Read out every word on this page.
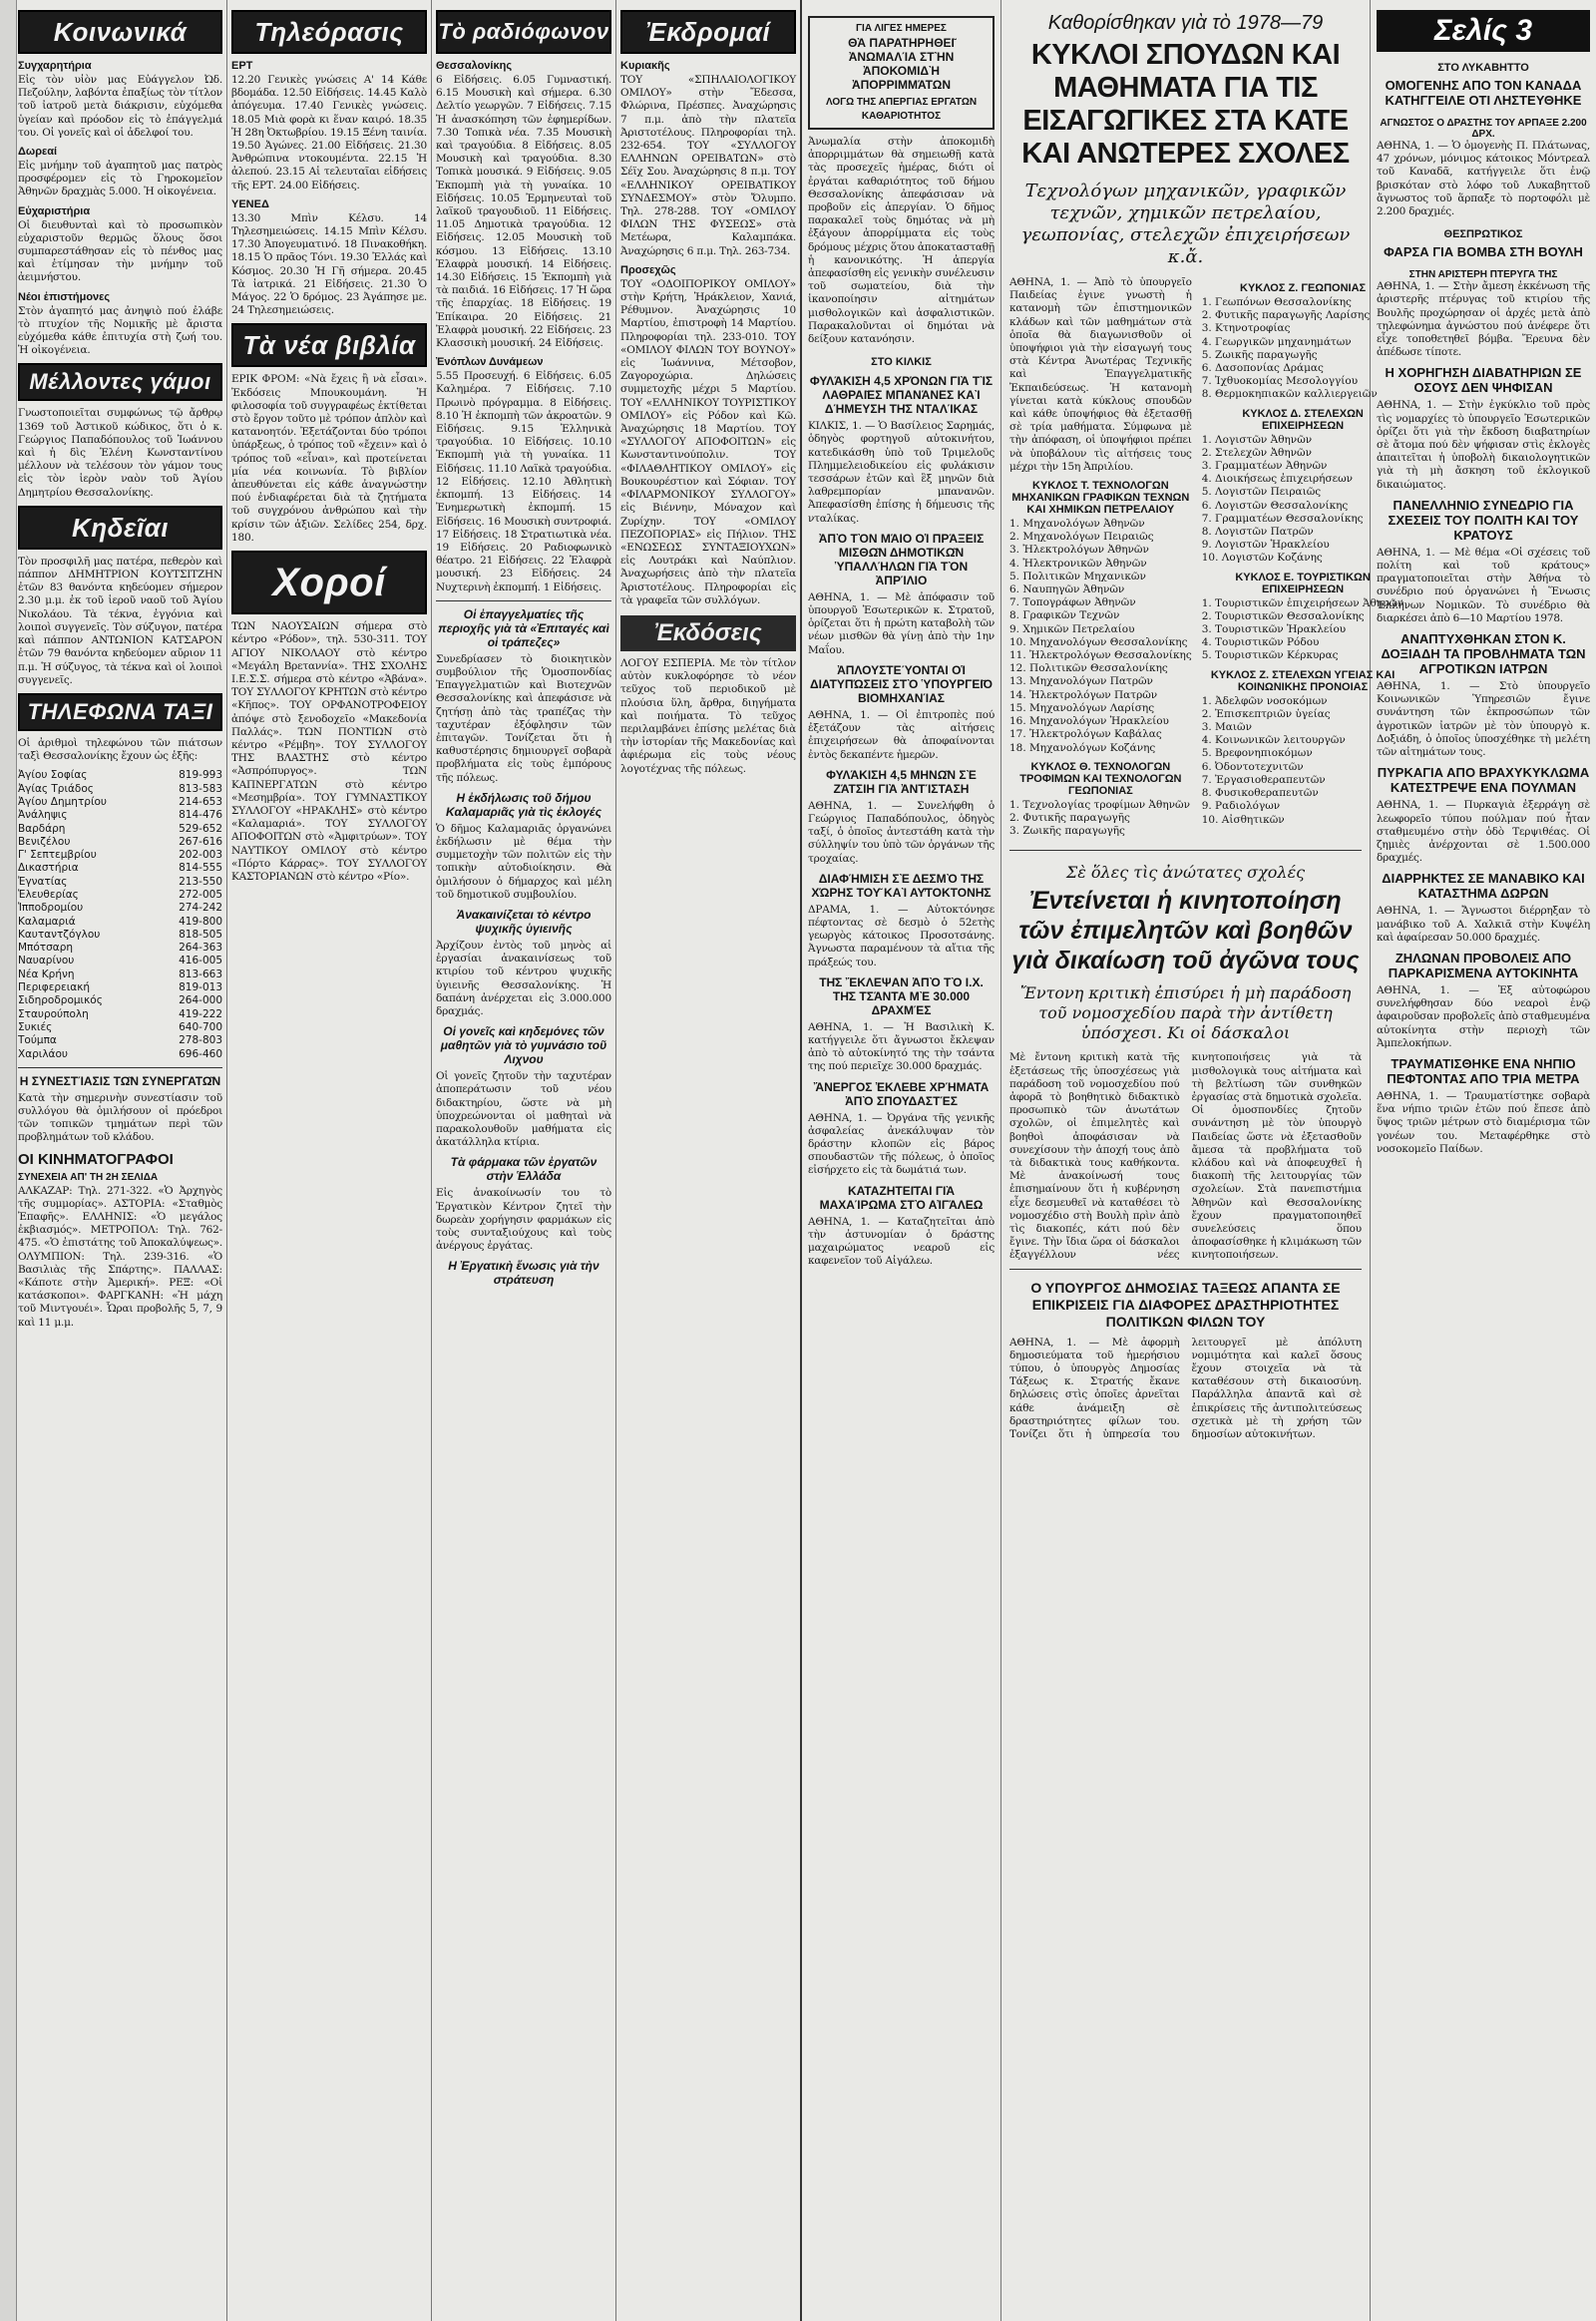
Κοινωνικά
Συγχαρητήρια

Εἰς τὸν υἱὸν μας Εὐάγγελον Ὠδ. Πεζούλην, λαβόντα ἐπαξίως τὸν τίτλον τοῦ ἰατροῦ μετὰ διάκρισιν, εὐχόμεθα ὑγείαν καὶ πρόοδον εἰς τὸ ἐπάγγελμά του. Οἱ γονεῖς καὶ οἱ ἀδελφοί του.

Δωρεαί

Εἰς μνήμην τοῦ ἀγαπητοῦ μας πατρὸς προσφέρομεν εἰς τὸ Γηροκομεῖον Ἀθηνῶν δραχμὰς 5.000. Ἡ οἰκογένεια.

Εὐχαριστήρια

Οἱ διευθυνταὶ καὶ τὸ προσωπικὸν εὐχαριστοῦν θερμῶς ὅλους ὅσοι συμπαρεστάθησαν εἰς τὸ πένθος μας καὶ ἐτίμησαν τὴν μνήμην τοῦ ἀειμνήστου.

Νέοι ἐπιστήμονες

Στὸν ἀγαπητό μας ἀνηψιὸ πού ἐλάβε τὸ πτυχίον τῆς Νομικῆς μὲ ἄριστα εὐχόμεθα κάθε ἐπιτυχία στὴ ζωή του. Ἡ οἰκογένεια.

Μέλλοντες γάμοι

Γνωστοποιεῖται συμφώνως τῷ ἄρθρῳ 1369 τοῦ Ἀστικοῦ κώδικος, ὅτι ὁ κ. Γεώργιος Παπαδόπουλος τοῦ Ἰωάννου καὶ ἡ δὶς Ἑλένη Κωνσταντίνου μέλλουν νὰ τελέσουν τὸν γάμον τους εἰς τὸν ἱερὸν ναὸν τοῦ Ἁγίου Δημητρίου Θεσσαλονίκης.

Κηδεῖαι

Τὸν προσφιλῆ μας πατέρα, πεθερὸν καὶ πάππον ΔΗΜΗΤΡΙΟΝ ΚΟΥΤΣΙΤΖΗΝ ἐτῶν 83 θανόντα κηδεύομεν σήμερον 2.30 μ.μ. ἐκ τοῦ ἱεροῦ ναοῦ τοῦ Ἁγίου Νικολάου. Τὰ τέκνα, ἐγγόνια καὶ λοιποὶ συγγενεῖς. Τὸν σύζυγον, πατέρα καὶ πάππον ΑΝΤΩΝΙΟΝ ΚΑΤΣΑΡΟΝ ἐτῶν 79 θανόντα κηδεύομεν αὔριον 11 π.μ. Ἡ σύζυγος, τὰ τέκνα καὶ οἱ λοιποὶ συγγενεῖς.

ΤΗΛΕΦΩΝΑ ΤΑΞΙ

Οἱ ἀριθμοὶ τηλεφώνου τῶν πιάτσων ταξὶ Θεσσαλονίκης ἔχουν ὡς ἑξῆς:

Ἀγίου Σοφίας	819-993
Ἀγίας Τριάδος	813-583
Ἀγίου Δημητρίου	214-653
Ἀνάληψις	814-476
Βαρδάρη	529-652
Βενιζέλου	267-616
Γ' Σεπτεμβρίου	202-003
Δικαστήρια	814-555
Ἐγνατίας	213-550
Ἑλευθερίας	272-005
Ἱπποδρομίου	274-242
Καλαμαριά	419-800
Καυταντζόγλου	818-505
Μπότσαρη	264-363
Ναυαρίνου	416-005
Νέα Κρήνη	813-663
Περιφερειακή	819-013
Σιδηροδρομικός	264-000
Σταυρούπολη	419-222
Συκιές	640-700
Τούμπα	278-803
Χαριλάου	696-460
Η ΣΥΝΕΣΤΊΑΣΙΣ ΤΩ͂Ν ΣΥΝΕΡΓΑΤΩ͂Ν

Κατὰ τὴν σημερινὴν συνεστίασιν τοῦ συλλόγου θὰ ὁμιλήσουν οἱ πρόεδροι τῶν τοπικῶν τμημάτων περὶ τῶν προβλημάτων τοῦ κλάδου.

ΟΙ ΚΙΝΗΜΑΤΟΓΡΑΦΟΙ
ΣΥΝΕΧΕΙΑ ΑΠ' ΤΗ 2Η ΣΕΛΙΔΑ

ΑΛΚΑΖΑΡ: Τηλ. 271-322. «Ὁ Ἀρχηγὸς τῆς συμμορίας». ΑΣΤΟΡΙΑ: «Σταθμὸς Ἐπαφῆς». ΕΛΛΗΝΙΣ: «Ὁ μεγάλος ἐκβιασμός». ΜΕΤΡΟΠΟΛ: Τηλ. 762-475. «Ὁ ἐπιστάτης τοῦ Ἀποκαλύψεως». ΟΛΥΜΠΙΟΝ: Τηλ. 239-316. «Ὁ Βασιλιὰς τῆς Σπάρτης». ΠΑΛΛΑΣ: «Κάποτε στὴν Ἀμερική». ΡΕΞ: «Οἱ κατάσκοποι». ΦΑΡΓΚΑΝΗ: «Ἡ μάχη τοῦ Μιντγουέι». Ὧραι προβολῆς 5, 7, 9 καὶ 11 μ.μ.

Τηλεόρασις
ΕΡΤ

12.20 Γενικὲς γνώσεις Α' 14 Κάθε βδομάδα. 12.50 Εἰδήσεις. 14.45 Καλὸ ἀπόγευμα. 17.40 Γενικὲς γνώσεις. 18.05 Μιὰ φορὰ κι ἕναν καιρό. 18.35 Ἡ 28η Ὀκτωβρίου. 19.15 Ξένη ταινία. 19.50 Ἀγώνες. 21.00 Εἰδήσεις. 21.30 Ἀνθρώπινα ντοκουμέντα. 22.15 Ἡ ἀλεπού. 23.15 Αἱ τελευταῖαι εἰδήσεις τῆς ΕΡΤ. 24.00 Εἰδήσεις.

ΥΕΝΕΔ

13.30 Μπὶν Κέλσυ. 14 Τηλεσημειώσεις. 14.15 Μπὶν Κέλσυ. 17.30 Ἀπογευματινό. 18 Πινακοθήκη. 18.15 Ὁ πρᾶος Τόνι. 19.30 Ἐλλάς καὶ Κόσμος. 20.30 Ἡ Γῆ σήμερα. 20.45 Τὰ ἰατρικά. 21 Εἰδήσεις. 21.30 Ὁ Μάγος. 22 Ὁ δρόμος. 23 Ἀγάπησε με. 24 Τηλεσημειώσεις.

Τὰ νέα βιβλία

ΕΡΙΚ ΦΡΟΜ: «Νὰ ἔχεις ἢ νὰ εἶσαι». Ἐκδόσεις Μπουκουμάνη. Ἡ φιλοσοφία τοῦ συγγραφέως ἐκτίθεται στὸ ἔργον τοῦτο μὲ τρόπον ἀπλὸν καὶ κατανοητόν. Ἐξετάζονται δύο τρόποι ὑπάρξεως, ὁ τρόπος τοῦ «ἔχειν» καὶ ὁ τρόπος τοῦ «εἶναι», καὶ προτείνεται μία νέα κοινωνία. Τὸ βιβλίον ἀπευθύνεται εἰς κάθε ἀναγνώστην πού ἐνδιαφέρεται διὰ τὰ ζητήματα τοῦ συγχρόνου ἀνθρώπου καὶ τὴν κρίσιν τῶν ἀξιῶν. Σελίδες 254, δρχ. 180.

Χοροί

ΤΩΝ ΝΑΟΥΣΑΙΩΝ σήμερα στὸ κέντρο «Ρόδον», τηλ. 530-311. ΤΟΥ ΑΓΙΟΥ ΝΙΚΟΛΑΟΥ στὸ κέντρο «Μεγάλη Βρεταννία». ΤΗΣ ΣΧΟΛΗΣ Ι.Ε.Σ.Σ. σήμερα στὸ κέντρο «Ἁβάνα». ΤΟΥ ΣΥΛΛΟΓΟΥ ΚΡΗΤΩΝ στὸ κέντρο «Κῆπος». ΤΟΥ ΟΡΦΑΝΟΤΡΟΦΕΙΟΥ ἀπόψε στὸ ξενοδοχεῖο «Μακεδονία Παλλάς». ΤΩΝ ΠΟΝΤΙΩΝ στὸ κέντρο «Ρέμβη». ΤΟΥ ΣΥΛΛΟΓΟΥ ΤΗΣ ΒΛΑΣΤΗΣ στὸ κέντρο «Ἀσπρόπυργος». ΤΩΝ ΚΑΠΝΕΡΓΑΤΩΝ στὸ κέντρο «Μεσημβρία». ΤΟΥ ΓΥΜΝΑΣΤΙΚΟΥ ΣΥΛΛΟΓΟΥ «ΗΡΑΚΛΗΣ» στὸ κέντρο «Καλαμαριά». ΤΟΥ ΣΥΛΛΟΓΟΥ ΑΠΟΦΟΙΤΩΝ στὸ «Ἀμφιτρύων». ΤΟΥ ΝΑΥΤΙΚΟΥ ΟΜΙΛΟΥ στὸ κέντρο «Πόρτο Κάρρας». ΤΟΥ ΣΥΛΛΟΓΟΥ ΚΑΣΤΟΡΙΑΝΩΝ στὸ κέντρο «Ρίο».

Τὸ ραδιόφωνον
Θεσσαλονίκης

6 Εἰδήσεις. 6.05 Γυμναστική. 6.15 Μουσικὴ καὶ σήμερα. 6.30 Δελτίο γεωργῶν. 7 Εἰδήσεις. 7.15 Ἡ ἀνασκόπηση τῶν ἐφημερίδων. 7.30 Τοπικὰ νέα. 7.35 Μουσικὴ καὶ τραγούδια. 8 Εἰδήσεις. 8.05 Μουσικὴ καὶ τραγούδια. 8.30 Τοπικὰ μουσικά. 9 Εἰδήσεις. 9.05 Ἐκπομπὴ γιὰ τὴ γυναίκα. 10 Εἰδήσεις. 10.05 Ἐρμηνευταὶ τοῦ λαϊκοῦ τραγουδιοῦ. 11 Εἰδήσεις. 11.05 Δημοτικὰ τραγούδια. 12 Εἰδήσεις. 12.05 Μουσικὴ τοῦ κόσμου. 13 Εἰδήσεις. 13.10 Ἐλαφρὰ μουσική. 14 Εἰδήσεις. 14.30 Εἰδήσεις. 15 Ἐκπομπὴ γιὰ τὰ παιδιά. 16 Εἰδήσεις. 17 Ἡ ὥρα τῆς ἐπαρχίας. 18 Εἰδήσεις. 19 Ἐπίκαιρα. 20 Εἰδήσεις. 21 Ἐλαφρὰ μουσική. 22 Εἰδήσεις. 23 Κλασσικὴ μουσική. 24 Εἰδήσεις.

Ἐνόπλων Δυνάμεων

5.55 Προσευχή. 6 Εἰδήσεις. 6.05 Καλημέρα. 7 Εἰδήσεις. 7.10 Πρωινὸ πρόγραμμα. 8 Εἰδήσεις. 8.10 Ἡ ἐκπομπὴ τῶν ἀκροατῶν. 9 Εἰδήσεις. 9.15 Ἐλληνικὰ τραγούδια. 10 Εἰδήσεις. 10.10 Ἐκπομπὴ γιὰ τὴ γυναίκα. 11 Εἰδήσεις. 11.10 Λαϊκὰ τραγούδια. 12 Εἰδήσεις. 12.10 Ἀθλητικὴ ἐκπομπή. 13 Εἰδήσεις. 14 Ἐνημερωτικὴ ἐκπομπή. 15 Εἰδήσεις. 16 Μουσικὴ συντροφιά. 17 Εἰδήσεις. 18 Στρατιωτικὰ νέα. 19 Εἰδήσεις. 20 Ραδιοφωνικὸ θέατρο. 21 Εἰδήσεις. 22 Ἐλαφρὰ μουσική. 23 Εἰδήσεις. 24 Νυχτερινὴ ἐκπομπή. 1 Εἰδήσεις.

Οἱ ἐπαγγελματίες τῆς περιοχῆς γιὰ τὰ «Ἐπιταγές καὶ οἱ τράπεζες»

Συνεδρίασεν τὸ διοικητικὸν συμβούλιον τῆς Ὁμοσπονδίας Ἐπαγγελματιῶν καὶ Βιοτεχνῶν Θεσσαλονίκης καὶ ἀπεφάσισε νὰ ζητήσῃ ἀπὸ τὰς τραπέζας τὴν ταχυτέραν ἐξόφλησιν τῶν ἐπιταγῶν. Τονίζεται ὅτι ἡ καθυστέρησις δημιουργεῖ σοβαρὰ προβλήματα εἰς τοὺς ἐμπόρους τῆς πόλεως.

Η ἐκδήλωσις τοῦ δήμου Καλαμαριᾶς γιὰ τὶς ἐκλογές

Ὁ δῆμος Καλαμαριᾶς ὀργανώνει ἐκδήλωσιν μὲ θέμα τὴν συμμετοχὴν τῶν πολιτῶν εἰς τὴν τοπικὴν αὐτοδιοίκησιν. Θὰ ὁμιλήσουν ὁ δήμαρχος καὶ μέλη τοῦ δημοτικοῦ συμβουλίου.

Ἀνακαινίζεται τὸ κέντρο ψυχικῆς ὑγιεινῆς

Ἀρχίζουν ἐντὸς τοῦ μηνὸς αἱ ἐργασίαι ἀνακαινίσεως τοῦ κτιρίου τοῦ κέντρου ψυχικῆς ὑγιεινῆς Θεσσαλονίκης. Ἡ δαπάνη ἀνέρχεται εἰς 3.000.000 δραχμάς.

Οἱ γονεῖς καὶ κηδεμόνες τῶν μαθητῶν γιὰ τὸ γυμνάσιο τοῦ Λιχνου

Οἱ γονεῖς ζητοῦν τὴν ταχυτέραν ἀποπεράτωσιν τοῦ νέου διδακτηρίου, ὥστε νὰ μὴ ὑποχρεώνονται οἱ μαθηταὶ νὰ παρακολουθοῦν μαθήματα εἰς ἀκατάλληλα κτίρια.

Τὰ φάρμακα τῶν ἐργατῶν στὴν Ἑλλάδα

Εἰς ἀνακοίνωσίν του τὸ Ἐργατικὸν Κέντρον ζητεῖ τὴν δωρεὰν χορήγησιν φαρμάκων εἰς τοὺς συνταξιούχους καὶ τοὺς ἀνέργους ἐργάτας.

Η Ἐργατικὴ ἕνωσις γιὰ τὴν στράτευση
Ἐκδρομαί
Κυριακῆς

ΤΟΥ «ΣΠΗΛΑΙΟΛΟΓΙΚΟΥ ΟΜΙΛΟΥ» στὴν Ἔδεσσα, Φλώρινα, Πρέσπες. Ἀναχώρησις 7 π.μ. ἀπὸ τὴν πλατεῖα Ἀριστοτέλους. Πληροφορίαι τηλ. 232-654. ΤΟΥ «ΣΥΛΛΟΓΟΥ ΕΛΛΗΝΩΝ ΟΡΕΙΒΑΤΩΝ» στὸ Σέϊχ Σου. Ἀναχώρησις 8 π.μ. ΤΟΥ «ΕΛΛΗΝΙΚΟΥ ΟΡΕΙΒΑΤΙΚΟΥ ΣΥΝΔΕΣΜΟΥ» στὸν Ὄλυμπο. Τηλ. 278-288. ΤΟΥ «ΟΜΙΛΟΥ ΦΙΛΩΝ ΤΗΣ ΦΥΣΕΩΣ» στὰ Μετέωρα, Καλαμπάκα. Ἀναχώρησις 6 π.μ. Τηλ. 263-734.

Προσεχῶς

ΤΟΥ «ΟΔΟΙΠΟΡΙΚΟΥ ΟΜΙΛΟΥ» στὴν Κρήτη, Ἡράκλειον, Χανιά, Ρέθυμνον. Ἀναχώρησις 10 Μαρτίου, ἐπιστροφὴ 14 Μαρτίου. Πληροφορίαι τηλ. 233-010. ΤΟΥ «ΟΜΙΛΟΥ ΦΙΛΩΝ ΤΟΥ ΒΟΥΝΟΥ» εἰς Ἰωάννινα, Μέτσοβον, Ζαγοροχώρια. Δηλώσεις συμμετοχῆς μέχρι 5 Μαρτίου. ΤΟΥ «ΕΛΛΗΝΙΚΟΥ ΤΟΥΡΙΣΤΙΚΟΥ ΟΜΙΛΟΥ» εἰς Ρόδον καὶ Κῶ. Ἀναχώρησις 18 Μαρτίου. ΤΟΥ «ΣΥΛΛΟΓΟΥ ΑΠΟΦΟΙΤΩΝ» εἰς Κωνσταντινούπολιν. ΤΟΥ «ΦΙΛΑΘΛΗΤΙΚΟΥ ΟΜΙΛΟΥ» εἰς Βουκουρέστιον καὶ Σόφιαν. ΤΟΥ «ΦΙΛΑΡΜΟΝΙΚΟΥ ΣΥΛΛΟΓΟΥ» εἰς Βιέννην, Μόναχον καὶ Ζυρίχην. ΤΟΥ «ΟΜΙΛΟΥ ΠΕΖΟΠΟΡΙΑΣ» εἰς Πήλιον. ΤΗΣ «ΕΝΩΣΕΩΣ ΣΥΝΤΑΞΙΟΥΧΩΝ» εἰς Λουτράκι καὶ Ναύπλιον. Ἀναχωρήσεις ἀπὸ τὴν πλατεῖα Ἀριστοτέλους. Πληροφορίαι εἰς τὰ γραφεῖα τῶν συλλόγων.

Ἐκδόσεις

ΛΟΓΟΥ ΕΣΠΕΡΙΑ. Με τὸν τίτλον αὐτὸν κυκλοφόρησε τὸ νέον τεῦχος τοῦ περιοδικοῦ μὲ πλούσια ὕλη, ἄρθρα, διηγήματα καὶ ποιήματα. Τὸ τεῦχος περιλαμβάνει ἐπίσης μελέτας διὰ τὴν ἱστορίαν τῆς Μακεδονίας καὶ ἀφιέρωμα εἰς τοὺς νέους λογοτέχνας τῆς πόλεως.

ΓΙΑ ΛΙΓΕΣ ΗΜΕΡΕΣ
ΘᾺ ΠΑΡΑΤΗΡΗΘΕΙ͂ ἈΝΩΜΑΛΊΑ ΣΤῊΝ ἈΠΟΚΟΜΙΔῊ ἈΠΟΡΡΙΜΜΆΤΩΝ
ΛΟΓΩ ΤΗΣ ΑΠΕΡΓΙΑΣ ΕΡΓΑΤΩΝ ΚΑΘΑΡΙΟΤΗΤΟΣ

Ἀνωμαλία στὴν ἀποκομιδὴ ἀπορριμμάτων θὰ σημειωθῇ κατὰ τὰς προσεχεῖς ἡμέρας, διότι οἱ ἐργάται καθαριότητος τοῦ δήμου Θεσσαλονίκης ἀπεφάσισαν νὰ προβοῦν εἰς ἀπεργίαν. Ὁ δῆμος παρακαλεῖ τοὺς δημότας νὰ μὴ ἐξάγουν ἀπορρίμματα εἰς τοὺς δρόμους μέχρις ὅτου ἀποκατασταθῇ ἡ κανονικότης. Ἡ ἀπεργία ἀπεφασίσθη εἰς γενικὴν συνέλευσιν τοῦ σωματείου, διὰ τὴν ἱκανοποίησιν αἰτημάτων μισθολογικῶν καὶ ἀσφαλιστικῶν. Παρακαλοῦνται οἱ δημόται νὰ δείξουν κατανόησιν.

ΣΤΟ ΚΙΛΚΙΣ
ΦΥΛΆΚΙΣΗ 4,5 ΧΡΌΝΩΝ ΓΙᾺ ΤῚΣ ΛΑΘΡΑΙ͂ΕΣ ΜΠΑΝΆΝΕΣ ΚΑῚ ΔΉΜΕΥΣΗ ΤΗ͂Σ ΝΤΑΛΊΚΑΣ

ΚΙΛΚΙΣ, 1. — Ὁ Βασίλειος Σαρημάς, ὁδηγὸς φορτηγοῦ αὐτοκινήτου, κατεδικάσθη ὑπὸ τοῦ Τριμελοῦς Πλημμελειοδικείου εἰς φυλάκισιν τεσσάρων ἐτῶν καὶ ἓξ μηνῶν διὰ λαθρεμπορίαν μπανανῶν. Ἀπεφασίσθη ἐπίσης ἡ δήμευσις τῆς νταλίκας.

ἈΠῸ ΤῸΝ ΜΆΙΟ ΟἹ ΠΡΆΞΕΙΣ ΜΙΣΘΩ͂Ν ΔΗΜΟΤΙΚΩ͂Ν ὙΠΑΛΛΉΛΩΝ ΓΙᾺ ΤῸΝ ἈΠΡΊΛΙΟ

ΑΘΗΝΑ, 1. — Μὲ ἀπόφασιν τοῦ ὑπουργοῦ Ἐσωτερικῶν κ. Στρατοῦ, ὁρίζεται ὅτι ἡ πρώτη καταβολὴ τῶν νέων μισθῶν θὰ γίνῃ ἀπὸ τὴν 1ην Μαΐου.

ἈΠΛΟΥΣΤΕΎΟΝΤΑΙ ΟἹ ΔΙΑΤΥΠΏΣΕΙΣ ΣΤῸ ὙΠΟΥΡΓΕΙ͂Ο ΒΙΟΜΗΧΑΝΊΑΣ

ΑΘΗΝΑ, 1. — Οἱ ἐπιτροπὲς πού ἐξετάζουν τὰς αἰτήσεις ἐπιχειρήσεων θὰ ἀποφαίνονται ἐντὸς δεκαπέντε ἡμερῶν.

ΦΥΛΆΚΙΣΗ 4,5 ΜΗΝΩ͂Ν ΣῈ ΖΆΤΣΙΗ ΓΙᾺ ἈΝΤΊΣΤΑΣΗ

ΑΘΗΝΑ, 1. — Συνελήφθη ὁ Γεώργιος Παπαδόπουλος, ὁδηγὸς ταξί, ὁ ὁποῖος ἀντεστάθη κατὰ τὴν σύλληψίν του ὑπὸ τῶν ὀργάνων τῆς τροχαίας.

ΔΙΑΦΉΜΙΣΗ ΣῈ ΔΕΣΜῸ ΤΗ͂Σ ΧΏΡΗΣ ΤΟΥ͂ ΚΑῚ ΑΥ̓ΤΟΚΤΟΝΗ͂Σ

ΔΡΑΜΑ, 1. — Αὐτοκτόνησε πέφτοντας σὲ δεσμὸ ὁ 52ετὴς γεωργὸς κάτοικος Προσοτσάνης. Ἀγνωστα παραμένουν τὰ αἴτια τῆς πράξεώς του.

ΤΗ͂Σ ἜΚΛΕΨΑΝ ἈΠῸ ΤῸ Ι.Χ. ΤΗ͂Σ ΤΣΆΝΤΑ ΜῈ 30.000 ΔΡΑΧΜΈΣ

ΑΘΗΝΑ, 1. — Ἡ Βασιλικὴ Κ. κατήγγειλε ὅτι ἄγνωστοι ἔκλεψαν ἀπὸ τὸ αὐτοκίνητό της τὴν τσάντα της πού περιεῖχε 30.000 δραχμάς.

ἌΝΕΡΓΟΣ ἘΚΛΕΒΕ ΧΡΉΜΑΤΑ ἈΠῸ ΣΠΟΥΔΑΣΤΈΣ

ΑΘΗΝΑ, 1. — Ὀργάνα τῆς γενικῆς ἀσφαλείας ἀνεκάλυψαν τὸν δράστην κλοπῶν εἰς βάρος σπουδαστῶν τῆς πόλεως, ὁ ὁποῖος εἰσήρχετο εἰς τὰ δωμάτιά των.

ΚΑΤΑΖΗΤΕΙ͂ΤΑΙ ΓΙᾺ ΜΑΧΑΊΡΩΜΑ ΣΤῸ ΑἸΓΆΛΕΩ

ΑΘΗΝΑ, 1. — Καταζητεῖται ἀπὸ τὴν ἀστυνομίαν ὁ δράστης μαχαιρώματος νεαροῦ εἰς καφενεῖον τοῦ Αἰγάλεω.

Καθορίσθηκαν γιὰ τὸ 1978—79
ΚΥΚΛΟΙ ΣΠΟΥΔΩΝ ΚΑΙ ΜΑΘΗΜΑΤΑ ΓΙΑ ΤΙΣ ΕΙΣΑΓΩΓΙΚΕΣ ΣΤΑ ΚΑΤΕ ΚΑΙ ΑΝΩΤΕΡΕΣ ΣΧΟΛΕΣ
Τεχνολόγων μηχανικῶν, γραφικῶν τεχνῶν, χημικῶν πετρελαίου, γεωπονίας, στελεχῶν ἐπιχειρήσεων κ.ἄ.

ΑΘΗΝΑ, 1. — Ἀπὸ τὸ ὑπουργεῖο Παιδείας ἐγινε γνωστὴ ἡ κατανομὴ τῶν ἐπιστημονικῶν κλάδων καὶ τῶν μαθημάτων στὰ ὁποῖα θὰ διαγωνισθοῦν οἱ ὑποψήφιοι γιὰ τὴν εἰσαγωγή τους στὰ Κέντρα Ἀνωτέρας Τεχνικῆς καὶ Ἐπαγγελματικῆς Ἐκπαιδεύσεως. Ἡ κατανομὴ γίνεται κατὰ κύκλους σπουδῶν καὶ κάθε ὑποψήφιος θὰ ἐξετασθῇ σὲ τρία μαθήματα. Σύμφωνα μὲ τὴν ἀπόφαση, οἱ ὑποψήφιοι πρέπει νὰ ὑποβάλουν τὶς αἰτήσεις τους μέχρι τὴν 15η Ἀπριλίου.

ΚΥΚΛΟΣ Τ. ΤΕΧΝΟΛΟΓΩΝ ΜΗΧΑΝΙΚΩΝ ΓΡΑΦΙΚΩΝ ΤΕΧΝΩΝ ΚΑΙ ΧΗΜΙΚΩΝ ΠΕΤΡΕΛΑΙΟΥ
1. Μηχανολόγων Ἀθηνῶν
2. Μηχανολόγων Πειραιῶς
3. Ἠλεκτρολόγων Ἀθηνῶν
4. Ἠλεκτρονικῶν Ἀθηνῶν
5. Πολιτικῶν Μηχανικῶν
6. Ναυπηγῶν Ἀθηνῶν
7. Τοπογράφων Ἀθηνῶν
8. Γραφικῶν Τεχνῶν
9. Χημικῶν Πετρελαίου
10. Μηχανολόγων Θεσσαλονίκης
11. Ἠλεκτρολόγων Θεσσαλονίκης
12. Πολιτικῶν Θεσσαλονίκης
13. Μηχανολόγων Πατρῶν
14. Ἠλεκτρολόγων Πατρῶν
15. Μηχανολόγων Λαρίσης
16. Μηχανολόγων Ἡρακλείου
17. Ἠλεκτρολόγων Καβάλας
18. Μηχανολόγων Κοζάνης
ΚΥΚΛΟΣ Θ. ΤΕΧΝΟΛΟΓΩΝ ΤΡΟΦΙΜΩΝ ΚΑΙ ΤΕΧΝΟΛΟΓΩΝ ΓΕΩΠΟΝΙΑΣ
1. Τεχνολογίας τροφίμων Ἀθηνῶν
2. Φυτικῆς παραγωγῆς
3. Ζωικῆς παραγωγῆς
ΚΥΚΛΟΣ Ζ. ΓΕΩΠΟΝΙΑΣ
1. Γεωπόνων Θεσσαλονίκης
2. Φυτικῆς παραγωγῆς Λαρίσης
3. Κτηνοτροφίας
4. Γεωργικῶν μηχανημάτων
5. Ζωικῆς παραγωγῆς
6. Δασοπονίας Δράμας
7. Ἰχθυοκομίας Μεσολογγίου
8. Θερμοκηπιακῶν καλλιεργειῶν
ΚΥΚΛΟΣ Δ. ΣΤΕΛΕΧΩΝ ΕΠΙΧΕΙΡΗΣΕΩΝ
1. Λογιστῶν Ἀθηνῶν
2. Στελεχῶν Ἀθηνῶν
3. Γραμματέων Ἀθηνῶν
4. Διοικήσεως ἐπιχειρήσεων
5. Λογιστῶν Πειραιῶς
6. Λογιστῶν Θεσσαλονίκης
7. Γραμματέων Θεσσαλονίκης
8. Λογιστῶν Πατρῶν
9. Λογιστῶν Ἡρακλείου
10. Λογιστῶν Κοζάνης
ΚΥΚΛΟΣ Ε. ΤΟΥΡΙΣΤΙΚΩΝ ΕΠΙΧΕΙΡΗΣΕΩΝ
1. Τουριστικῶν ἐπιχειρήσεων Ἀθηνῶν
2. Τουριστικῶν Θεσσαλονίκης
3. Τουριστικῶν Ἡρακλείου
4. Τουριστικῶν Ρόδου
5. Τουριστικῶν Κέρκυρας
ΚΥΚΛΟΣ Ζ. ΣΤΕΛΕΧΩΝ ΥΓΕΙΑΣ ΚΑΙ ΚΟΙΝΩΝΙΚΗΣ ΠΡΟΝΟΙΑΣ
1. Ἀδελφῶν νοσοκόμων
2. Ἐπισκεπτριῶν ὑγείας
3. Μαιῶν
4. Κοινωνικῶν λειτουργῶν
5. Βρεφονηπιοκόμων
6. Ὀδοντοτεχνιτῶν
7. Ἐργασιοθεραπευτῶν
8. Φυσικοθεραπευτῶν
9. Ραδιολόγων
10. Αἰσθητικῶν
Σὲ ὅλες τὶς ἀνώτατες σχολές
Ἐντείνεται ἡ κινητοποίηση τῶν ἐπιμελητῶν καὶ βοηθῶν γιὰ δικαίωση τοῦ ἀγῶνα τους
Ἔντονη κριτικὴ ἐπισύρει ἡ μὴ παράδοση τοῦ νομοσχεδίου παρὰ τὴν ἀντίθετη ὑπόσχεσι. Κι οἱ δάσκαλοι

Μὲ ἔντονη κριτικὴ κατὰ τῆς ἐξετάσεως τῆς ὑποσχέσεως γιὰ παράδοση τοῦ νομοσχεδίου πού ἀφορᾶ τὸ βοηθητικὸ διδακτικὸ προσωπικὸ τῶν ἀνωτάτων σχολῶν, οἱ ἐπιμελητὲς καὶ βοηθοὶ ἀποφάσισαν νὰ συνεχίσουν τὴν ἀποχή τους ἀπὸ τὰ διδακτικὰ τους καθήκοντα. Μὲ ἀνακοίνωσή τους ἐπισημαίνουν ὅτι ἡ κυβέρνηση εἶχε δεσμευθεῖ νὰ καταθέσει τὸ νομοσχέδιο στὴ Βουλὴ πρὶν ἀπὸ τὶς διακοπές, κάτι πού δὲν ἔγινε. Τὴν ἴδια ὥρα οἱ δάσκαλοι ἐξαγγέλλουν νέες κινητοποιήσεις γιὰ τὰ μισθολογικὰ τους αἰτήματα καὶ τὴ βελτίωση τῶν συνθηκῶν ἐργασίας στὰ δημοτικὰ σχολεῖα. Οἱ ὁμοσπονδίες ζητοῦν συνάντηση μὲ τὸν ὑπουργὸ Παιδείας ὥστε νὰ ἐξετασθοῦν ἄμεσα τὰ προβλήματα τοῦ κλάδου καὶ νὰ ἀποφευχθεῖ ἡ διακοπὴ τῆς λειτουργίας τῶν σχολείων. Στὰ πανεπιστήμια Ἀθηνῶν καὶ Θεσσαλονίκης ἔχουν πραγματοποιηθεῖ συνελεύσεις ὅπου ἀποφασίσθηκε ἡ κλιμάκωση τῶν κινητοποιήσεων.

Ο ΥΠΟΥΡΓΟΣ ΔΗΜΟΣΙΑΣ ΤΑΞΕΩΣ ΑΠΑΝΤΑ ΣΕ ΕΠΙΚΡΙΣΕΙΣ ΓΙΑ ΔΙΑΦΟΡΕΣ ΔΡΑΣΤΗΡΙΟΤΗΤΕΣ ΠΟΛΙΤΙΚΩΝ ΦΙΛΩΝ ΤΟΥ

ΑΘΗΝΑ, 1. — Μὲ ἀφορμὴ δημοσιεύματα τοῦ ἡμερήσιου τύπου, ὁ ὑπουργὸς Δημοσίας Τάξεως κ. Στρατής ἔκανε δηλώσεις στὶς ὁποῖες ἀρνεῖται κάθε ἀνάμειξη σὲ δραστηριότητες φίλων του. Τονίζει ὅτι ἡ ὑπηρεσία του λειτουργεῖ μὲ ἀπόλυτη νομιμότητα καὶ καλεῖ ὅσους ἔχουν στοιχεῖα νὰ τὰ καταθέσουν στὴ δικαιοσύνη. Παράλληλα ἀπαντᾶ καὶ σὲ ἐπικρίσεις τῆς ἀντιπολιτεύσεως σχετικὰ μὲ τὴ χρήση τῶν δημοσίων αὐτοκινήτων.

Σελίς 3
ΣΤΟ ΛΥΚΑΒΗΤΤΟ
ΟΜΟΓΕΝΗΣ ΑΠΟ ΤΟΝ ΚΑΝΑΔΑ ΚΑΤΗΓΓΕΙΛΕ ΟΤΙ ΛΗΣΤΕΥΘΗΚΕ
ΑΓΝΩΣΤΟΣ Ο ΔΡΑΣΤΗΣ ΤΟΥ ΑΡΠΑΞΕ 2.200 ΔΡΧ.

ΑΘΗΝΑ, 1. — Ὁ ὁμογενὴς Π. Πλάτωνας, 47 χρόνων, μόνιμος κάτοικος Μόντρεαλ τοῦ Καναδᾶ, κατήγγειλε ὅτι ἐνῷ βρισκόταν στὸ λόφο τοῦ Λυκαβηττοῦ ἄγνωστος τοῦ ἅρπαξε τὸ πορτοφόλι μὲ 2.200 δραχμές.

ΘΕΣΠΡΩΤΙΚΟΣ
ΦΑΡΣΑ ΓΙΑ ΒΟΜΒΑ ΣΤΗ ΒΟΥΛΗ
ΣΤΗΝ ΑΡΙΣΤΕΡΗ ΠΤΕΡΥΓΑ ΤΗΣ

ΑΘΗΝΑ, 1. — Στὴν ἄμεση ἐκκένωση τῆς ἀριστερῆς πτέρυγας τοῦ κτιρίου τῆς Βουλῆς προχώρησαν οἱ ἀρχές μετὰ ἀπὸ τηλεφώνημα ἀγνώστου πού ἀνέφερε ὅτι εἶχε τοποθετηθεῖ βόμβα. Ἔρευνα δὲν ἀπέδωσε τίποτε.

Η ΧΟΡΗΓΗΣΗ ΔΙΑΒΑΤΗΡΙΩΝ ΣΕ ΟΣΟΥΣ ΔΕΝ ΨΗΦΙΣΑΝ

ΑΘΗΝΑ, 1. — Στὴν ἐγκύκλιο τοῦ πρὸς τὶς νομαρχίες τὸ ὑπουργεῖο Ἐσωτερικῶν ὁρίζει ὅτι γιὰ τὴν ἔκδοση διαβατηρίων σὲ ἄτομα πού δὲν ψήφισαν στὶς ἐκλογὲς ἀπαιτεῖται ἡ ὑποβολὴ δικαιολογητικῶν γιὰ τὴ μὴ ἄσκηση τοῦ ἐκλογικοῦ δικαιώματος.

ΠΑΝΕΛΛΗΝΙΟ ΣΥΝΕΔΡΙΟ ΓΙΑ ΣΧΕΣΕΙΣ ΤΟΥ ΠΟΛΙΤΗ ΚΑΙ ΤΟΥ ΚΡΑΤΟΥΣ

ΑΘΗΝΑ, 1. — Μὲ θέμα «Οἱ σχέσεις τοῦ πολίτη καὶ τοῦ κράτους» πραγματοποιεῖται στὴν Ἀθήνα τὸ συνέδριο πού ὀργανώνει ἡ Ἕνωσις Ἑλλήνων Νομικῶν. Τὸ συνέδριο θὰ διαρκέσει ἀπὸ 6—10 Μαρτίου 1978.

ΑΝΑΠΤΥΧΘΗΚΑΝ ΣΤΟΝ Κ. ΔΟΞΙΑΔΗ ΤΑ ΠΡΟΒΛΗΜΑΤΑ ΤΩΝ ΑΓΡΟΤΙΚΩΝ ΙΑΤΡΩΝ

ΑΘΗΝΑ, 1. — Στὸ ὑπουργεῖο Κοινωνικῶν Ὑπηρεσιῶν ἔγινε συνάντηση τῶν ἐκπροσώπων τῶν ἀγροτικῶν ἰατρῶν μὲ τὸν ὑπουργὸ κ. Δοξιάδη, ὁ ὁποῖος ὑποσχέθηκε τὴ μελέτη τῶν αἰτημάτων τους.

ΠΥΡΚΑΓΙΑ ΑΠΟ ΒΡΑΧΥΚΥΚΛΩΜΑ ΚΑΤΕΣΤΡΕΨΕ ΕΝΑ ΠΟΥΛΜΑΝ

ΑΘΗΝΑ, 1. — Πυρκαγιὰ ἐξερράγη σὲ λεωφορεῖο τύπου πούλμαν πού ἦταν σταθμευμένο στὴν ὁδὸ Τερψιθέας. Οἱ ζημιὲς ἀνέρχονται σὲ 1.500.000 δραχμές.

ΔΙΑΡΡΗΚΤΕΣ ΣΕ ΜΑΝΑΒΙΚΟ ΚΑΙ ΚΑΤΑΣΤΗΜΑ ΔΩΡΩΝ

ΑΘΗΝΑ, 1. — Ἄγνωστοι διέρρηξαν τὸ μανάβικο τοῦ Α. Χαλκιᾶ στὴν Κυψέλη καὶ ἀφαίρεσαν 50.000 δραχμές.

ΖΗΛΩΝΑΝ ΠΡΟΒΟΛΕΙΣ ΑΠΟ ΠΑΡΚΑΡΙΣΜΕΝΑ ΑΥΤΟΚΙΝΗΤΑ

ΑΘΗΝΑ, 1. — Ἐξ αὐτοφώρου συνελήφθησαν δύο νεαροὶ ἐνῷ ἀφαιροῦσαν προβολεῖς ἀπὸ σταθμευμένα αὐτοκίνητα στὴν περιοχὴ τῶν Ἀμπελοκήπων.

ΤΡΑΥΜΑΤΙΣΘΗΚΕ ΕΝΑ ΝΗΠΙΟ ΠΕΦΤΟΝΤΑΣ ΑΠΟ ΤΡΙΑ ΜΕΤΡΑ

ΑΘΗΝΑ, 1. — Τραυματίστηκε σοβαρὰ ἕνα νήπιο τριῶν ἐτῶν πού ἔπεσε ἀπὸ ὕψος τριῶν μέτρων στὸ διαμέρισμα τῶν γονέων του. Μεταφέρθηκε στὸ νοσοκομεῖο Παίδων.
